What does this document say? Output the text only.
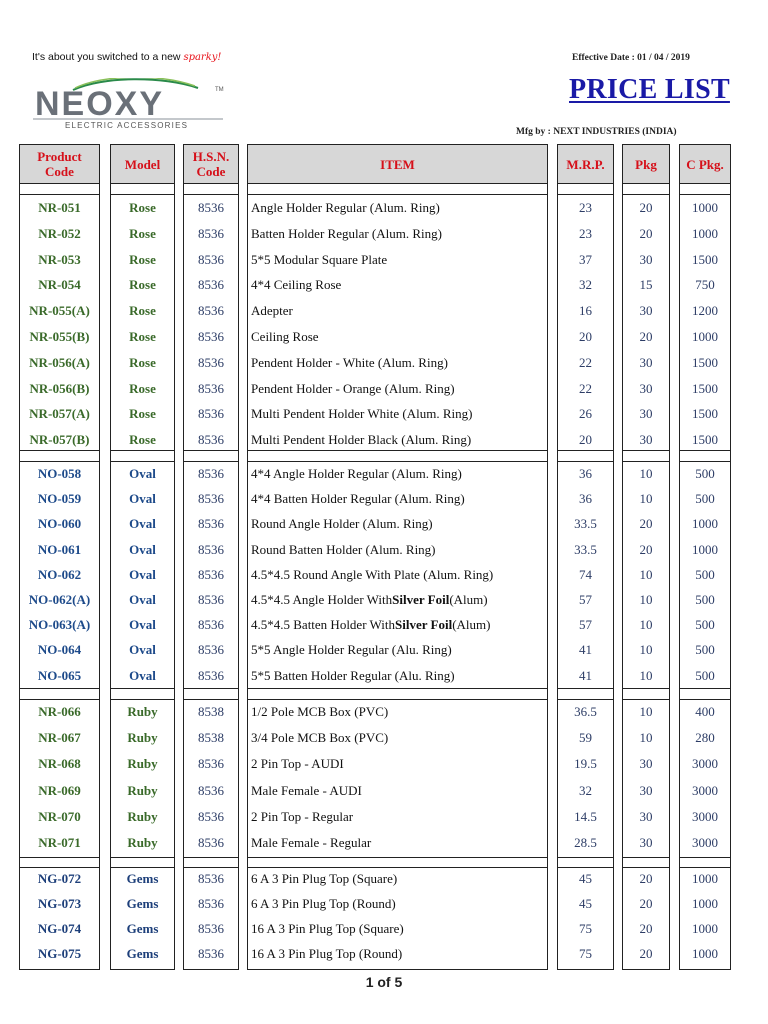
It's about you switched to a new sparky!	Effective Date : 01 / 04 / 2019
PRICE LIST
Mfg by : NEXT INDUSTRIES (INDIA)
NEOXY	TM
ELECTRIC ACCESSORIES
Product
Code
NR-051
NR-052
NR-053
NR-054
NR-055(A)
NR-055(B)
NR-056(A)
NR-056(B)
NR-057(A)
NR-057(B)
NO-058
NO-059
NO-060
NO-061
NO-062
NO-062(A)
NO-063(A)
NO-064
NO-065
NR-066
NR-067
NR-068
NR-069
NR-070
NR-071
NG-072
NG-073
NG-074
NG-075
Model
Rose
Rose
Rose
Rose
Rose
Rose
Rose
Rose
Rose
Rose
Oval
Oval
Oval
Oval
Oval
Oval
Oval
Oval
Oval
Ruby
Ruby
Ruby
Ruby
Ruby
Ruby
Gems
Gems
Gems
Gems
H.S.N.
Code
8536
8536
8536
8536
8536
8536
8536
8536
8536
8536
8536
8536
8536
8536
8536
8536
8536
8536
8536
8538
8538
8536
8536
8536
8536
8536
8536
8536
8536
ITEM
Angle Holder Regular (Alum. Ring)
Batten Holder Regular (Alum. Ring)
5*5 Modular Square Plate
4*4 Ceiling Rose
Adepter
Ceiling Rose
Pendent Holder - White (Alum. Ring)
Pendent Holder - Orange (Alum. Ring)
Multi Pendent Holder White (Alum. Ring)
Multi Pendent Holder Black (Alum. Ring)
4*4 Angle Holder Regular (Alum. Ring)
4*4 Batten Holder Regular (Alum. Ring)
Round Angle Holder (Alum. Ring)
Round Batten Holder (Alum. Ring)
4.5*4.5 Round Angle With Plate (Alum. Ring)
4.5*4.5 Angle Holder With Silver Foil (Alum)
4.5*4.5 Batten Holder With Silver Foil (Alum)
5*5 Angle Holder Regular (Alu. Ring)
5*5 Batten Holder Regular (Alu. Ring)
1/2 Pole MCB Box (PVC)
3/4 Pole MCB Box (PVC)
2 Pin Top - AUDI
Male Female - AUDI
2 Pin Top - Regular
Male Female - Regular
6 A 3 Pin Plug Top (Square)
6 A 3 Pin Plug Top (Round)
16 A 3 Pin Plug Top (Square)
16 A 3 Pin Plug Top (Round)
M.R.P.
23
23
37
32
16
20
22
22
26
20
36
36
33.5
33.5
74
57
57
41
41
36.5
59
19.5
32
14.5
28.5
45
45
75
75
Pkg
20
20
30
15
30
20
30
30
30
30
10
10
20
20
10
10
10
10
10
10
10
30
30
30
30
20
20
20
20
C Pkg.
1000
1000
1500
750
1200
1000
1500
1500
1500
1500
500
500
1000
1000
500
500
500
500
500
400
280
3000
3000
3000
3000
1000
1000
1000
1000
1 of 5
